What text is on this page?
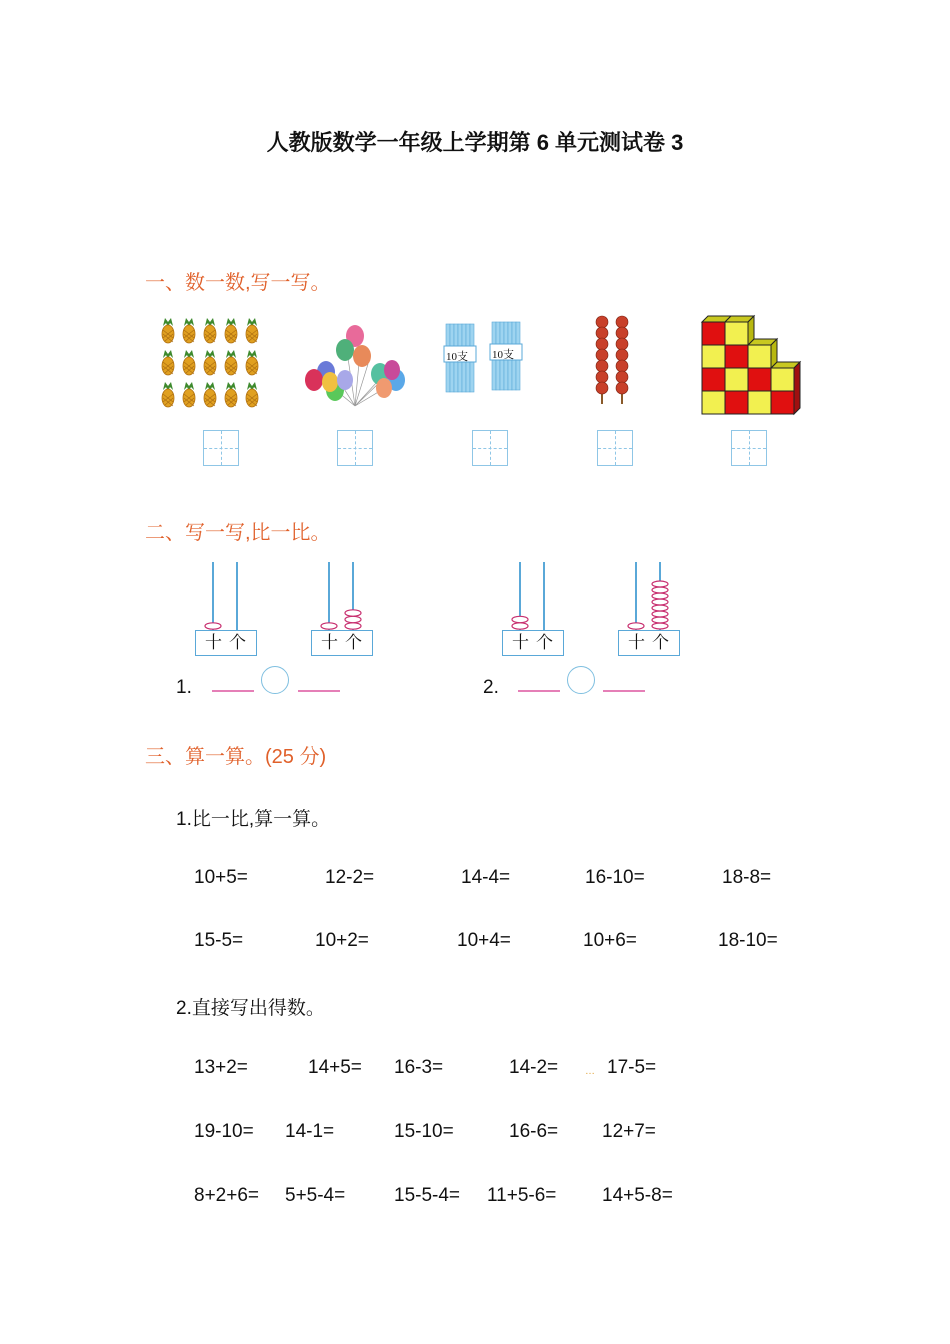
人教版数学一年级上学期第 6 单元测试卷 3
一、数一数,写一写。
10支 10支
二、写一写,比一比。
十 个	十 个	十 个	十 个
1.	2.
三、算一算。(25 分)
1.比一比,算一算。
10+5=	12-2=	14-4=	16-10=	18-8=
15-5=	10+2=	10+4=	10+6=	18-10=
2.直接写出得数。
13+2=	14+5= 16-3=	14-2=	… 17-5=
19-10= 14-1=	15-10=	16-6= 12+7=
8+2+6= 5+5-4=	15-5-4= 11+5-6= 14+5-8=
